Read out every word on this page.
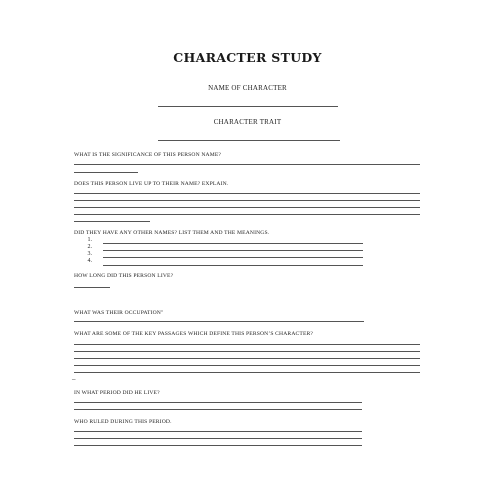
CHARACTER STUDY
NAME OF CHARACTER
CHARACTER TRAIT
WHAT IS THE SIGNIFICANCE OF THIS PERSON NAME?
DOES THIS PERSON LIVE UP TO THEIR NAME? EXPLAIN.
DID THEY HAVE ANY OTHER NAMES? LIST THEM AND THE MEANINGS.
1.
2.
3.
4.
HOW LONG DID THIS PERSON LIVE?
WHAT WAS THEIR OCCUPATION"
WHAT ARE SOME OF THE KEY PASSAGES WHICH DEFINE THIS PERSON’S CHARACTER?
–
IN WHAT PERIOD DID HE LIVE?
WHO RULED DURING THIS PERIOD.
